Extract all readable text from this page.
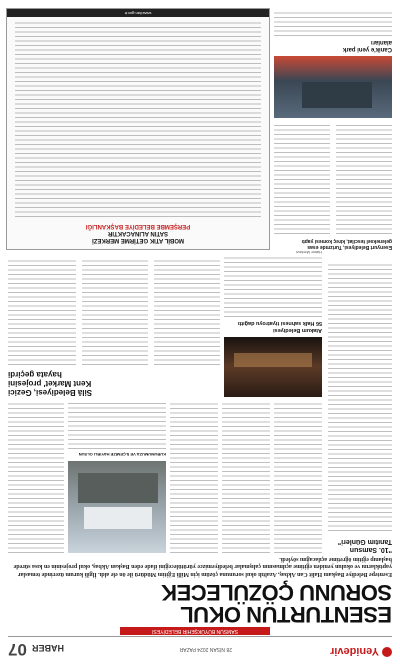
Yenidevir
28 NİSAN 2024 PAZAR
HABER
07
SAMSUN BÜYÜKŞEHİR BELEDİYESİ
ESENTURTUN OKUL
SORUNU ÇÖZÜLECEK
Esentepe Belediye Başkanı Halit Can Akbaş, Azaltılı okul sorununa çözüm için Milli Eğitim Müdürü ile ön ele aldı. İlgili kurum üzerinde temaslar yaptıklarını ve okulun yeniden eğitime açılmasının çalışmalar belediyemizce yürütüleceğini ifade eden Başkan Akbaş, okul projesinin en kısa sürede başlanıp eğitim öğretime açılacağını söyledi.
"10. Samsun Tanıtım Günleri"
KURUMUMUZA VE İLÇEMİZE HAYIRLI OLSUN
Silâ Belediyesi, Gezici
Kent Market' projesini
hayata geçirdi
Atakum Belediyesi
56 Halk sahnesi tiyatroyu dağıttı
Esenyurt Belediyesi, Turizmde esas
geleneksel tescilat, kireç komesi yaptı
Canik'e yeni park
alanları
MOBİL ATIK GETİRME MERKEZİ
SATIN ALINACAKTIR
PERŞEMBE BELEDİYE BAŞKANLIĞI
www.ilan.gov.tr
Haber Merkezi
